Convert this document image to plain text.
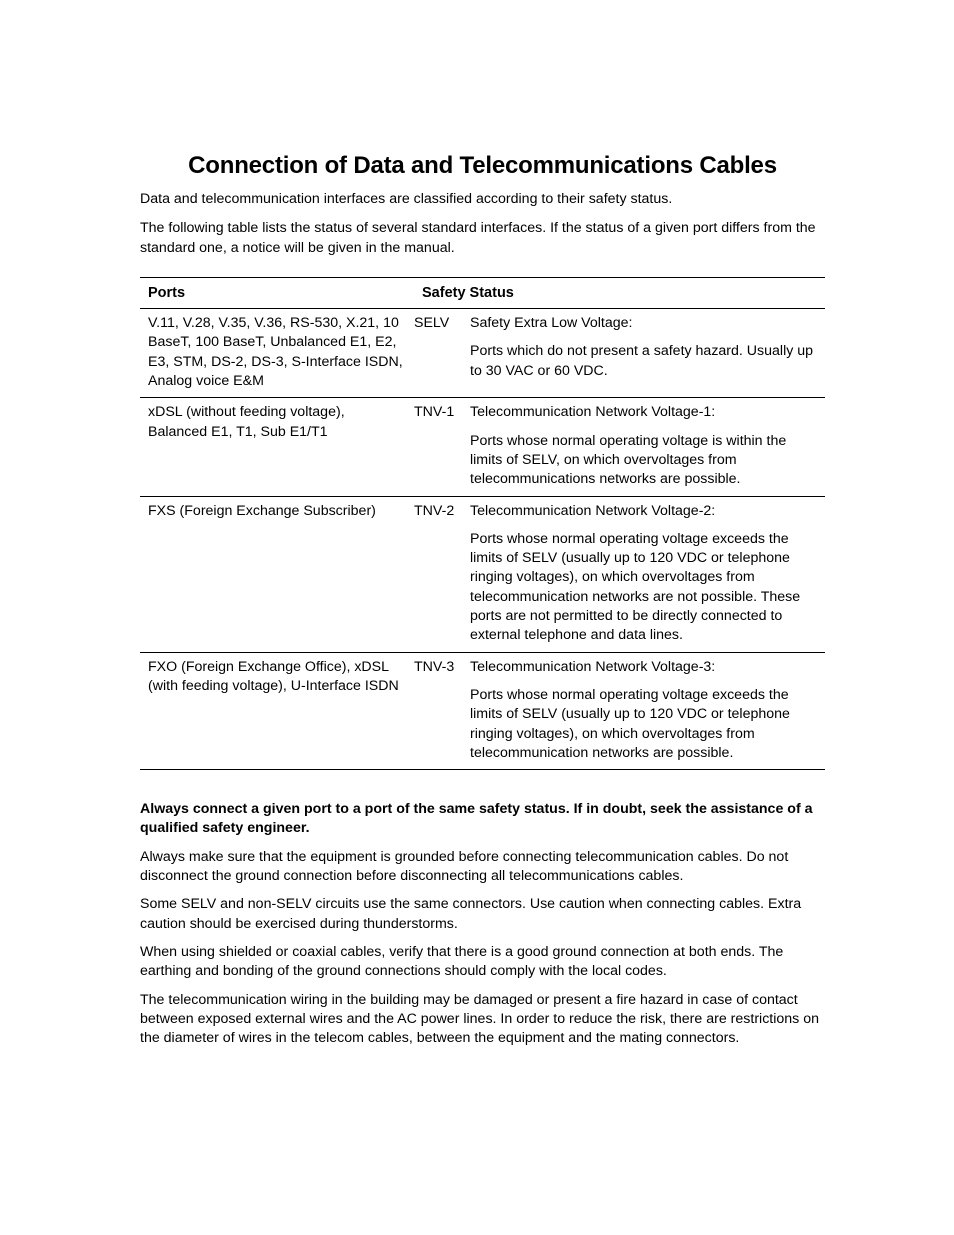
Connection of Data and Telecommunications Cables

Data and telecommunication interfaces are classified according to their safety status.

The following table lists the status of several standard interfaces. If the status of a given port differs from the standard one, a notice will be given in the manual.

Ports	Safety Status	
V.11, V.28, V.35, V.36, RS-530, X.21, 10 BaseT, 100 BaseT, Unbalanced E1, E2, E3, STM, DS-2, DS-3, S-Interface ISDN, Analog voice E&M	SELV	Safety Extra Low Voltage:

Ports which do not present a safety hazard. Usually up to 30 VAC or 60 VDC.

xDSL (without feeding voltage), Balanced E1, T1, Sub E1/T1	TNV-1	Telecommunication Network Voltage-1:

Ports whose normal operating voltage is within the limits of SELV, on which overvoltages from telecommunications networks are possible.

FXS (Foreign Exchange Subscriber)	TNV-2	Telecommunication Network Voltage-2:

Ports whose normal operating voltage exceeds the limits of SELV (usually up to 120 VDC or telephone ringing voltages), on which overvoltages from telecommunication networks are not possible. These ports are not permitted to be directly connected to external telephone and data lines.

FXO (Foreign Exchange Office), xDSL (with feeding voltage), U-Interface ISDN	TNV-3	Telecommunication Network Voltage-3:

Ports whose normal operating voltage exceeds the limits of SELV (usually up to 120 VDC or telephone ringing voltages), on which overvoltages from telecommunication networks are possible.

Always connect a given port to a port of the same safety status. If in doubt, seek the assistance of a qualified safety engineer.

Always make sure that the equipment is grounded before connecting telecommunication cables. Do not disconnect the ground connection before disconnecting all telecommunications cables.

Some SELV and non-SELV circuits use the same connectors. Use caution when connecting cables. Extra caution should be exercised during thunderstorms.

When using shielded or coaxial cables, verify that there is a good ground connection at both ends. The earthing and bonding of the ground connections should comply with the local codes.

The telecommunication wiring in the building may be damaged or present a fire hazard in case of contact between exposed external wires and the AC power lines. In order to reduce the risk, there are restrictions on the diameter of wires in the telecom cables, between the equipment and the mating connectors.
